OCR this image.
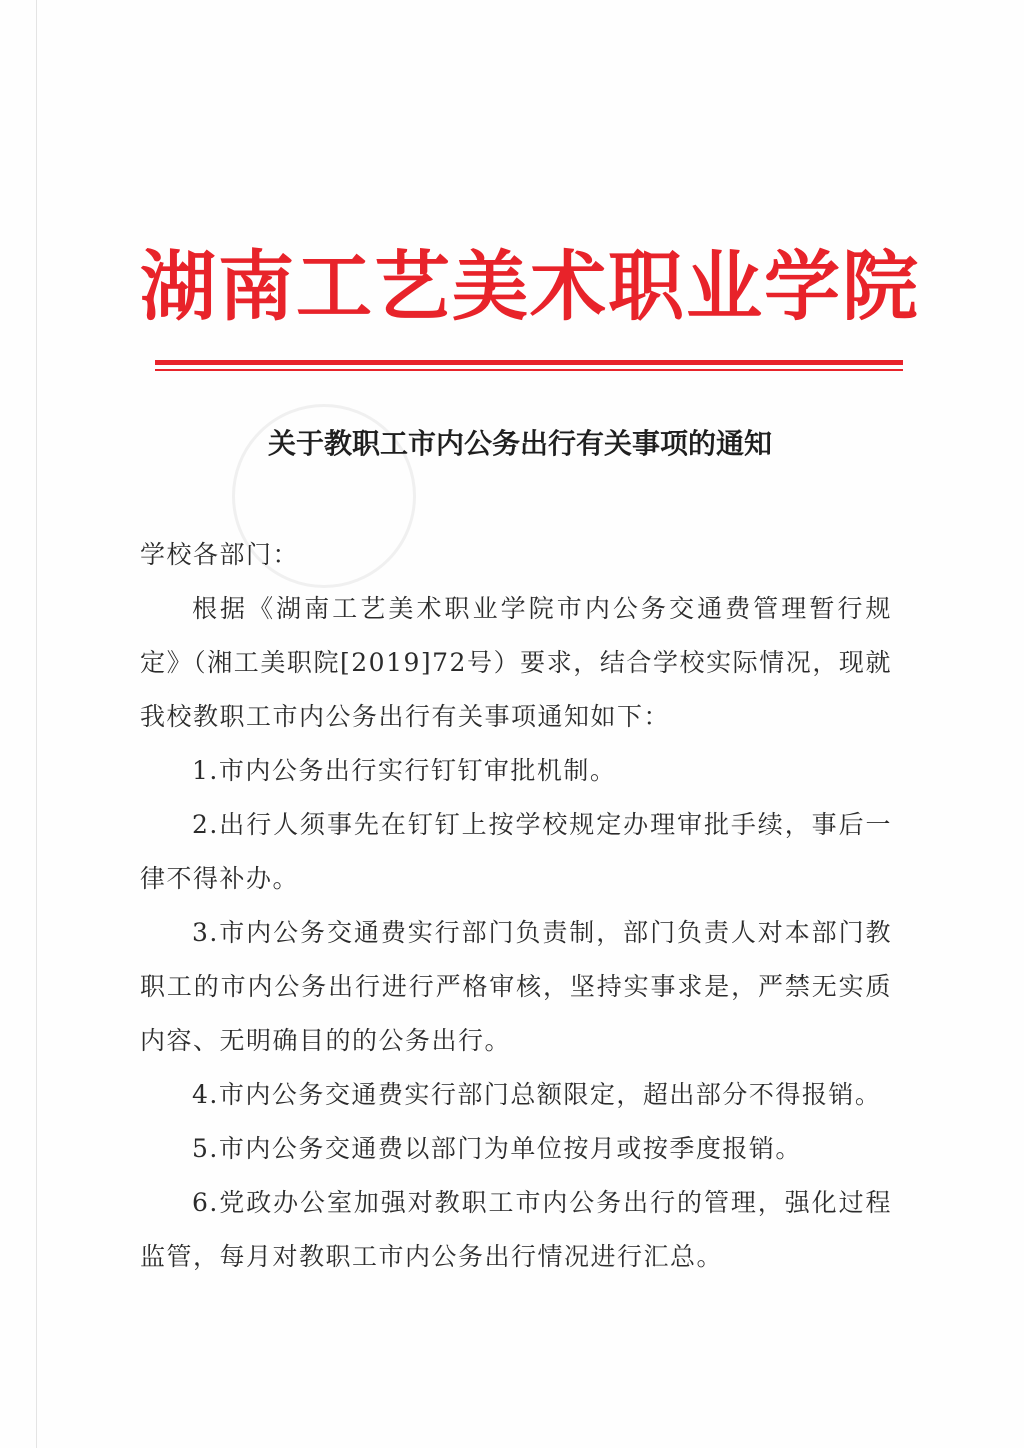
湖南工艺美术职业学院
关于教职工市内公务出行有关事项的通知

学校各部门：

根据《湖南工艺美术职业学院市内公务交通费管理暂行规定》（湘工美职院[2019]72号）要求，结合学校实际情况，现就我校教职工市内公务出行有关事项通知如下：

1.市内公务出行实行钉钉审批机制。

2.出行人须事先在钉钉上按学校规定办理审批手续，事后一律不得补办。

3.市内公务交通费实行部门负责制，部门负责人对本部门教职工的市内公务出行进行严格审核，坚持实事求是，严禁无实质内容、无明确目的的公务出行。

4.市内公务交通费实行部门总额限定，超出部分不得报销。

5.市内公务交通费以部门为单位按月或按季度报销。

6.党政办公室加强对教职工市内公务出行的管理，强化过程监管，每月对教职工市内公务出行情况进行汇总。
